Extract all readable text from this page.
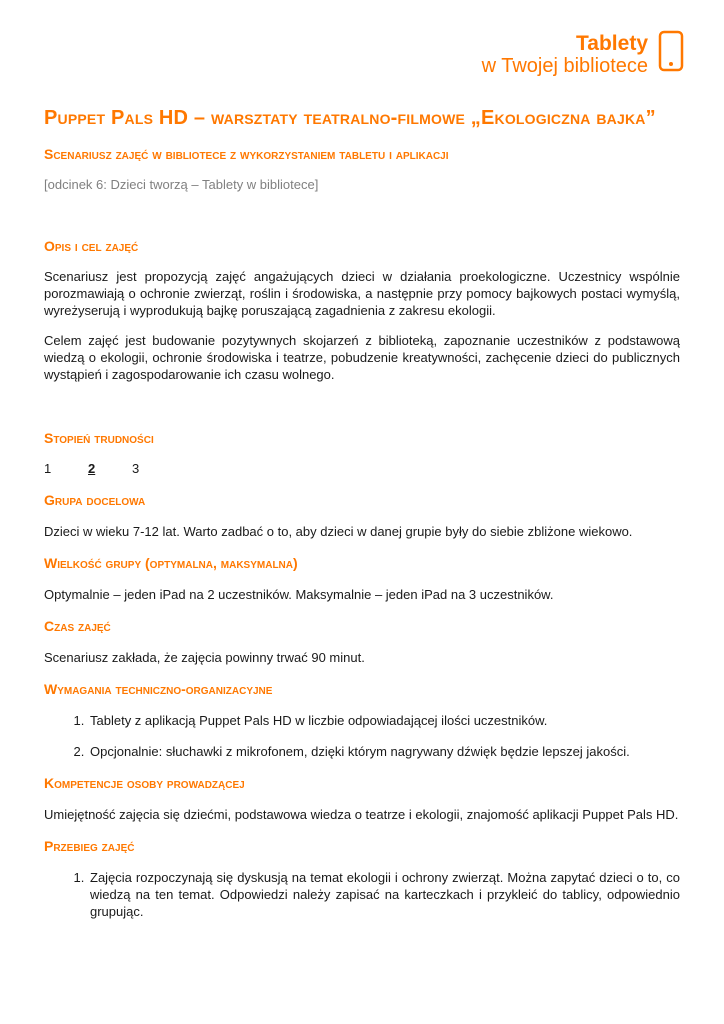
Tablety
w Twojej bibliotece
Puppet Pals HD – warsztaty teatralno-filmowe „Ekologiczna bajka”
Scenariusz zajęć w bibliotece z wykorzystaniem tabletu i aplikacji

[odcinek 6: Dzieci tworzą – Tablety w bibliotece]

Opis i cel zajęć

Scenariusz jest propozycją zajęć angażujących dzieci w działania proekologiczne. Uczestnicy wspólnie porozmawiają o ochronie zwierząt, roślin i środowiska, a następnie przy pomocy bajkowych postaci wymyślą, wyreżyserują i wyprodukują bajkę poruszającą zagadnienia z zakresu ekologii.

Celem zajęć jest budowanie pozytywnych skojarzeń z biblioteką, zapoznanie uczestników z podstawową wiedzą o ekologii, ochronie środowiska i teatrze, pobudzenie kreatywności, zachęcenie dzieci do publicznych wystąpień i zagospodarowanie ich czasu wolnego.

Stopień trudności
1	2	3
Grupa docelowa

Dzieci w wieku 7-12 lat. Warto zadbać o to, aby dzieci w danej grupie były do siebie zbliżone wiekowo.

Wielkość grupy (optymalna, maksymalna)

Optymalnie – jeden iPad na 2 uczestników. Maksymalnie – jeden iPad na 3 uczestników.

Czas zajęć

Scenariusz zakłada, że zajęcia powinny trwać 90 minut.

Wymagania techniczno-organizacyjne
1. Tablety z aplikacją Puppet Pals HD w liczbie odpowiadającej ilości uczestników.
2. Opcjonalnie: słuchawki z mikrofonem, dzięki którym nagrywany dźwięk będzie lepszej jakości.
Kompetencje osoby prowadzącej

Umiejętność zajęcia się dziećmi, podstawowa wiedza o teatrze i ekologii, znajomość aplikacji Puppet Pals HD.

Przebieg zajęć
1. Zajęcia rozpoczynają się dyskusją na temat ekologii i ochrony zwierząt. Można zapytać dzieci o to, co wiedzą na ten temat. Odpowiedzi należy zapisać na karteczkach i przykleić do tablicy, odpowiednio grupując.
